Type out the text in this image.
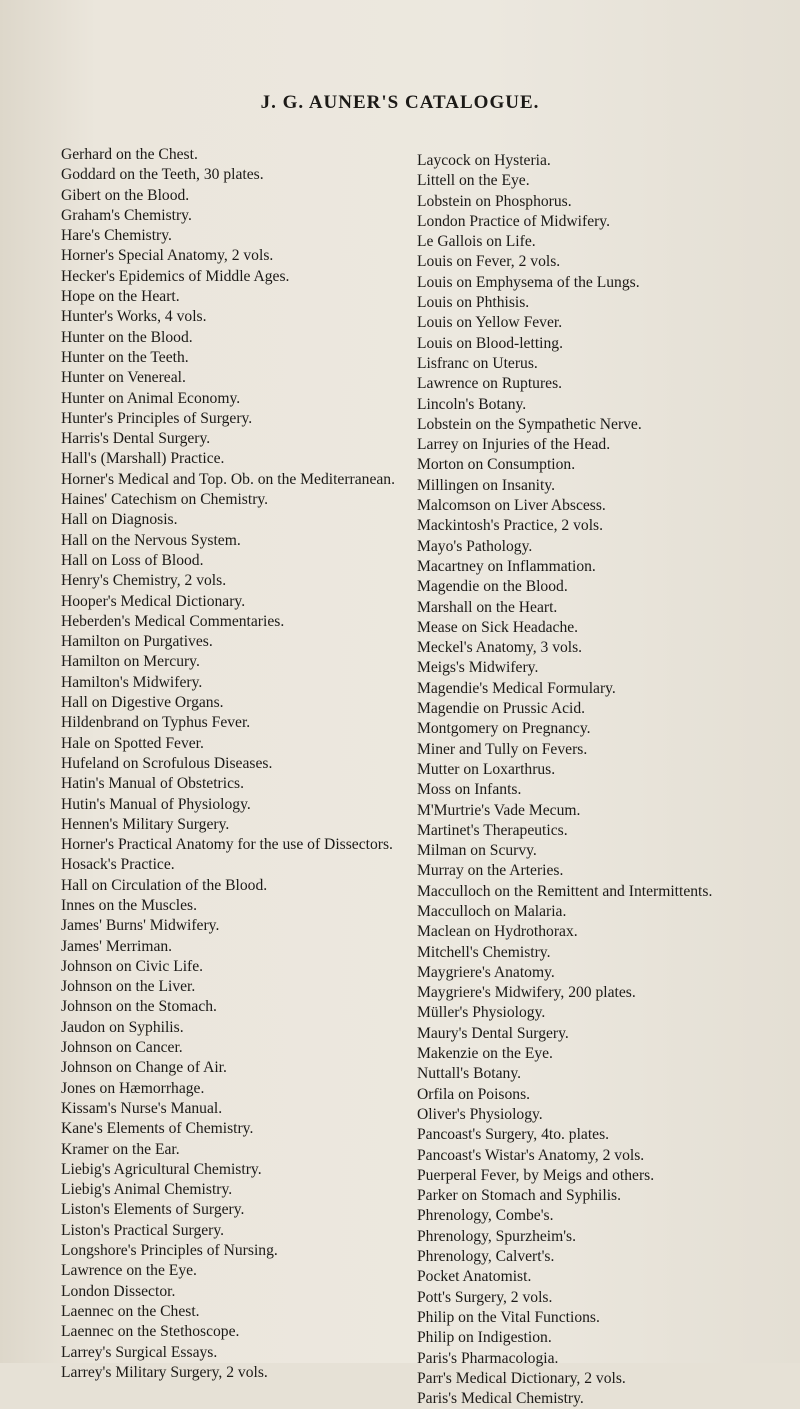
J. G. AUNER'S CATALOGUE.
Gerhard on the Chest.
Goddard on the Teeth, 30 plates.
Gibert on the Blood.
Graham's Chemistry.
Hare's Chemistry.
Horner's Special Anatomy, 2 vols.
Hecker's Epidemics of Middle Ages.
Hope on the Heart.
Hunter's Works, 4 vols.
Hunter on the Blood.
Hunter on the Teeth.
Hunter on Venereal.
Hunter on Animal Economy.
Hunter's Principles of Surgery.
Harris's Dental Surgery.
Hall's (Marshall) Practice.
Horner's Medical and Top. Ob. on the Mediterranean.
Haines' Catechism on Chemistry.
Hall on Diagnosis.
Hall on the Nervous System.
Hall on Loss of Blood.
Henry's Chemistry, 2 vols.
Hooper's Medical Dictionary.
Heberden's Medical Commentaries.
Hamilton on Purgatives.
Hamilton on Mercury.
Hamilton's Midwifery.
Hall on Digestive Organs.
Hildenbrand on Typhus Fever.
Hale on Spotted Fever.
Hufeland on Scrofulous Diseases.
Hatin's Manual of Obstetrics.
Hutin's Manual of Physiology.
Hennen's Military Surgery.
Horner's Practical Anatomy for the use of Dissectors.
Hosack's Practice.
Hall on Circulation of the Blood.
Innes on the Muscles.
James' Burns' Midwifery.
James' Merriman.
Johnson on Civic Life.
Johnson on the Liver.
Johnson on the Stomach.
Jaudon on Syphilis.
Johnson on Cancer.
Johnson on Change of Air.
Jones on Hæmorrhage.
Kissam's Nurse's Manual.
Kane's Elements of Chemistry.
Kramer on the Ear.
Liebig's Agricultural Chemistry.
Liebig's Animal Chemistry.
Liston's Elements of Surgery.
Liston's Practical Surgery.
Longshore's Principles of Nursing.
Lawrence on the Eye.
London Dissector.
Laennec on the Chest.
Laennec on the Stethoscope.
Larrey's Surgical Essays.
Larrey's Military Surgery, 2 vols.
Laycock on Hysteria.
Littell on the Eye.
Lobstein on Phosphorus.
London Practice of Midwifery.
Le Gallois on Life.
Louis on Fever, 2 vols.
Louis on Emphysema of the Lungs.
Louis on Phthisis.
Louis on Yellow Fever.
Louis on Blood-letting.
Lisfranc on Uterus.
Lawrence on Ruptures.
Lincoln's Botany.
Lobstein on the Sympathetic Nerve.
Larrey on Injuries of the Head.
Morton on Consumption.
Millingen on Insanity.
Malcomson on Liver Abscess.
Mackintosh's Practice, 2 vols.
Mayo's Pathology.
Macartney on Inflammation.
Magendie on the Blood.
Marshall on the Heart.
Mease on Sick Headache.
Meckel's Anatomy, 3 vols.
Meigs's Midwifery.
Magendie's Medical Formulary.
Magendie on Prussic Acid.
Montgomery on Pregnancy.
Miner and Tully on Fevers.
Mutter on Loxarthrus.
Moss on Infants.
M'Murtrie's Vade Mecum.
Martinet's Therapeutics.
Milman on Scurvy.
Murray on the Arteries.
Macculloch on the Remittent and Intermittents.
Macculloch on Malaria.
Maclean on Hydrothorax.
Mitchell's Chemistry.
Maygriere's Anatomy.
Maygriere's Midwifery, 200 plates.
Müller's Physiology.
Maury's Dental Surgery.
Makenzie on the Eye.
Nuttall's Botany.
Orfila on Poisons.
Oliver's Physiology.
Pancoast's Surgery, 4to. plates.
Pancoast's Wistar's Anatomy, 2 vols.
Puerperal Fever, by Meigs and others.
Parker on Stomach and Syphilis.
Phrenology, Combe's.
Phrenology, Spurzheim's.
Phrenology, Calvert's.
Pocket Anatomist.
Pott's Surgery, 2 vols.
Philip on the Vital Functions.
Philip on Indigestion.
Paris's Pharmacologia.
Parr's Medical Dictionary, 2 vols.
Paris's Medical Chemistry.
